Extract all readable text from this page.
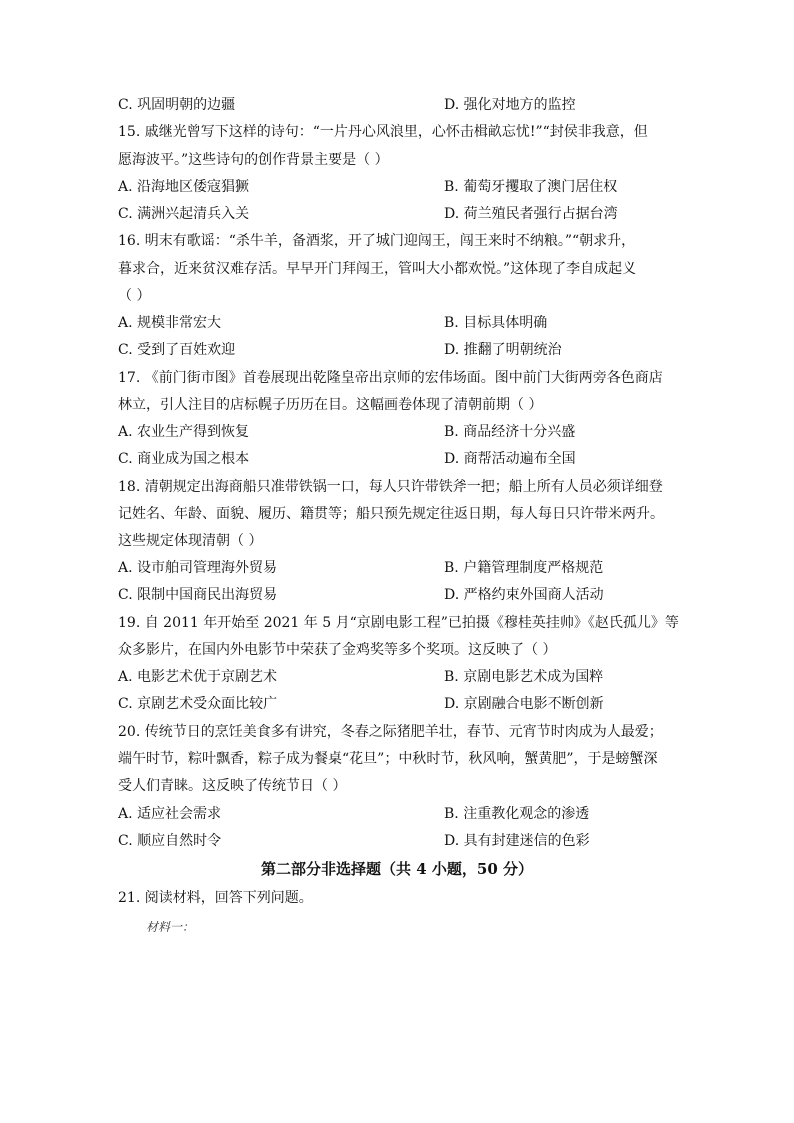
C. 巩固明朝的边疆	D. 强化对地方的监控
15. 戚继光曾写下这样的诗句：“一片丹心风浪里，心怀击楫畝忘忧!”“封侯非我意，但
愿海波平。”这些诗句的创作背景主要是（ ）
A. 沿海地区倭寇猖獗	B. 葡萄牙攫取了澳门居住权
C. 满洲兴起清兵入关	D. 荷兰殖民者强行占据台湾
16. 明末有歌谣：“杀牛羊，备酒浆，开了城门迎闯王，闯王来时不纳粮。”“朝求升，
暮求合，近来贫汉难存活。早早开门拜闯王，管叫大小都欢悦。”这体现了李自成起义
（ ）
A. 规模非常宏大	B. 目标具体明确
C. 受到了百姓欢迎	D. 推翻了明朝统治
17. 《前门街市图》首卷展现出乾隆皇帝出京师的宏伟场面。图中前门大街两旁各色商店
林立，引人注目的店标幌子历历在目。这幅画卷体现了清朝前期（ ）
A. 农业生产得到恢复	B. 商品经济十分兴盛
C. 商业成为国之根本	D. 商帮活动遍布全国
18. 清朝规定出海商船只准带铁锅一口，每人只许带铁斧一把；船上所有人员必须详细登
记姓名、年龄、面貌、履历、籍贯等；船只预先规定往返日期，每人每日只许带米两升。
这些规定体现清朝（ ）
A. 设市舶司管理海外贸易	B. 户籍管理制度严格规范
C. 限制中国商民出海贸易	D. 严格约束外国商人活动
19. 自 2011 年开始至 2021 年 5 月“京剧电影工程”已拍摄《穆桂英挂帅》《赵氏孤儿》等
众多影片，在国内外电影节中荣获了金鸡奖等多个奖项。这反映了（ ）
A. 电影艺术优于京剧艺术	B. 京剧电影艺术成为国粹
C. 京剧艺术受众面比较广	D. 京剧融合电影不断创新
20. 传统节日的烹饪美食多有讲究，冬春之际猪肥羊壮，春节、元宵节时肉成为人最爱；
端午时节，粽叶飘香，粽子成为餐桌“花旦”；中秋时节，秋风响，蟹黄肥”，于是螃蟹深
受人们青睐。这反映了传统节日（ ）
A. 适应社会需求	B. 注重教化观念的渗透
C. 顺应自然时令	D. 具有封建迷信的色彩
第二部分非选择题（共 4 小题，50 分）
21. 阅读材料，回答下列问题。
材料一：
